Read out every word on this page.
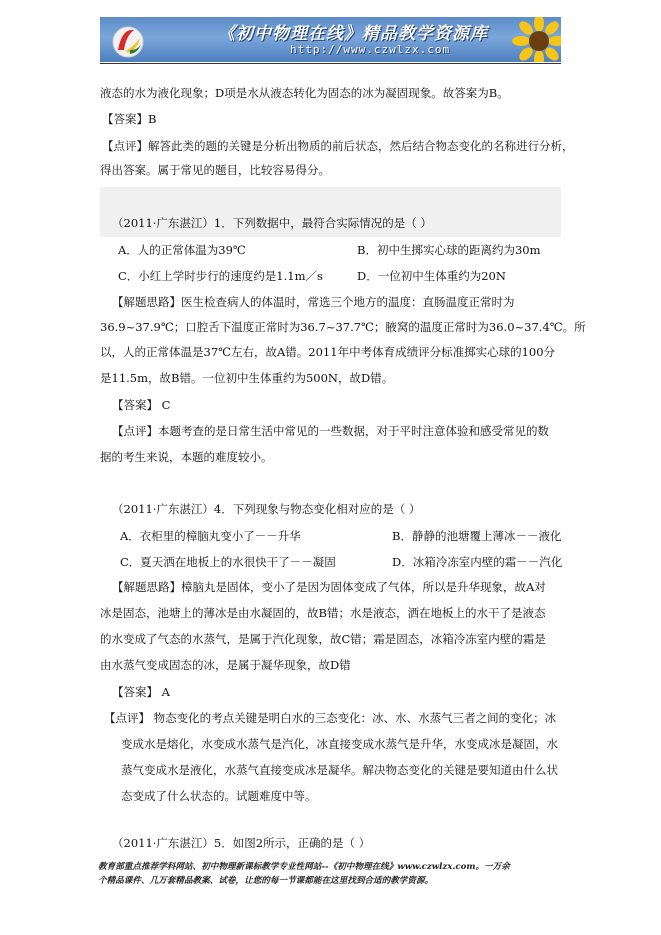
《初中物理在线》精品教学资源库
http://www.czwlzx.com
液态的水为液化现象；D项是水从液态转化为固态的冰为凝固现象。故答案为B。
【答案】B
【点评】解答此类的题的关键是分析出物质的前后状态，然后结合物态变化的名称进行分析，
得出答案。属于常见的题目，比较容易得分。
（2011·广东湛江）1．下列数据中，最符合实际情况的是（ ）
A．人的正常体温为39℃	B．初中生掷实心球的距离约为30m
C．小红上学时步行的速度约是1.1m／s	D．一位初中生体重约为20N
【解题思路】医生检查病人的体温时，常选三个地方的温度：直肠温度正常时为
36.9~37.9℃；口腔舌下温度正常时为36.7~37.7℃；腋窝的温度正常时为36.0~37.4℃。所
以，人的正常体温是37℃左右，故A错。2011年中考体育成绩评分标准掷实心球的100分
是11.5m，故B错。一位初中生体重约为500N，故D错。
【答案】 C
【点评】本题考查的是日常生活中常见的一些数据，对于平时注意体验和感受常见的数
据的考生来说，本题的难度较小。
（2011·广东湛江）4．下列现象与物态变化相对应的是（ ）
A．衣柜里的樟脑丸变小了－－升华	B．静静的池塘覆上薄冰－－液化
C．夏天洒在地板上的水很快干了－－凝固	D．冰箱冷冻室内壁的霜－－汽化
【解题思路】樟脑丸是固体，变小了是因为固体变成了气体，所以是升华现象，故A对
冰是固态，池塘上的薄冰是由水凝固的，故B错；水是液态，洒在地板上的水干了是液态
的水变成了气态的水蒸气，是属于汽化现象，故C错；霜是固态，冰箱冷冻室内壁的霜是
由水蒸气变成固态的冰，是属于凝华现象，故D错
【答案】 A
【点评】 物态变化的考点关键是明白水的三态变化：冰、水、水蒸气三者之间的变化；冰
变成水是熔化，水变成水蒸气是汽化，冰直接变成水蒸气是升华，水变成冰是凝固，水
蒸气变成水是液化，水蒸气直接变成冰是凝华。解决物态变化的关键是要知道由什么状
态变成了什么状态的。试题难度中等。
（2011·广东湛江）5．如图2所示，正确的是（ ）
教育部重点推荐学科网站、初中物理新课标教学专业性网站--《初中物理在线》www.czwlzx.com。一万余
个精品课件、几万套精品教案、试卷，让您的每一节课都能在这里找到合适的教学资源。
